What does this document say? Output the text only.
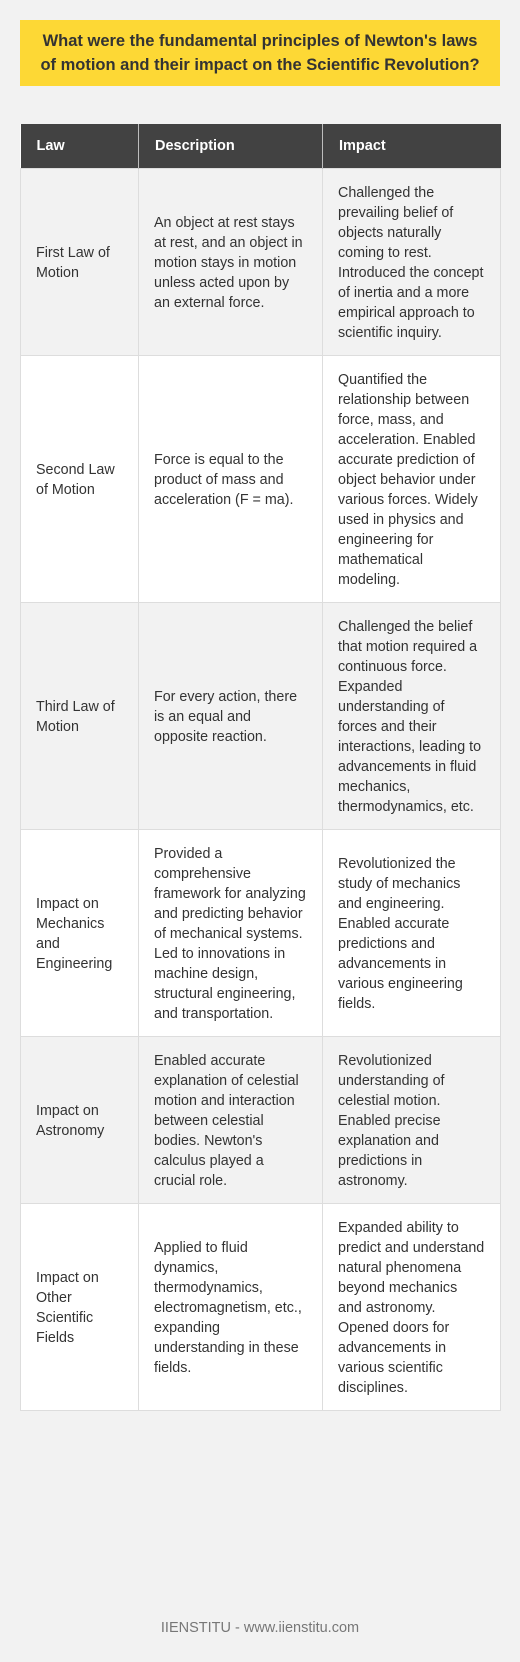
What were the fundamental principles of Newton's laws of motion and their impact on the Scientific Revolution?
Law	Description	Impact
First Law of Motion	An object at rest stays at rest, and an object in motion stays in motion unless acted upon by an external force.	Challenged the prevailing belief of objects naturally coming to rest. Introduced the concept of inertia and a more empirical approach to scientific inquiry.
Second Law of Motion	Force is equal to the product of mass and acceleration (F = ma).	Quantified the relationship between force, mass, and acceleration. Enabled accurate prediction of object behavior under various forces. Widely used in physics and engineering for mathematical modeling.
Third Law of Motion	For every action, there is an equal and opposite reaction.	Challenged the belief that motion required a continuous force. Expanded understanding of forces and their interactions, leading to advancements in fluid mechanics, thermodynamics, etc.
Impact on Mechanics and Engineering	Provided a comprehensive framework for analyzing and predicting behavior of mechanical systems. Led to innovations in machine design, structural engineering, and transportation.	Revolutionized the study of mechanics and engineering. Enabled accurate predictions and advancements in various engineering fields.
Impact on Astronomy	Enabled accurate explanation of celestial motion and interaction between celestial bodies. Newton's calculus played a crucial role.	Revolutionized understanding of celestial motion. Enabled precise explanation and predictions in astronomy.
Impact on Other Scientific Fields	Applied to fluid dynamics, thermodynamics, electromagnetism, etc., expanding understanding in these fields.	Expanded ability to predict and understand natural phenomena beyond mechanics and astronomy. Opened doors for advancements in various scientific disciplines.
IIENSTITU - www.iienstitu.com
